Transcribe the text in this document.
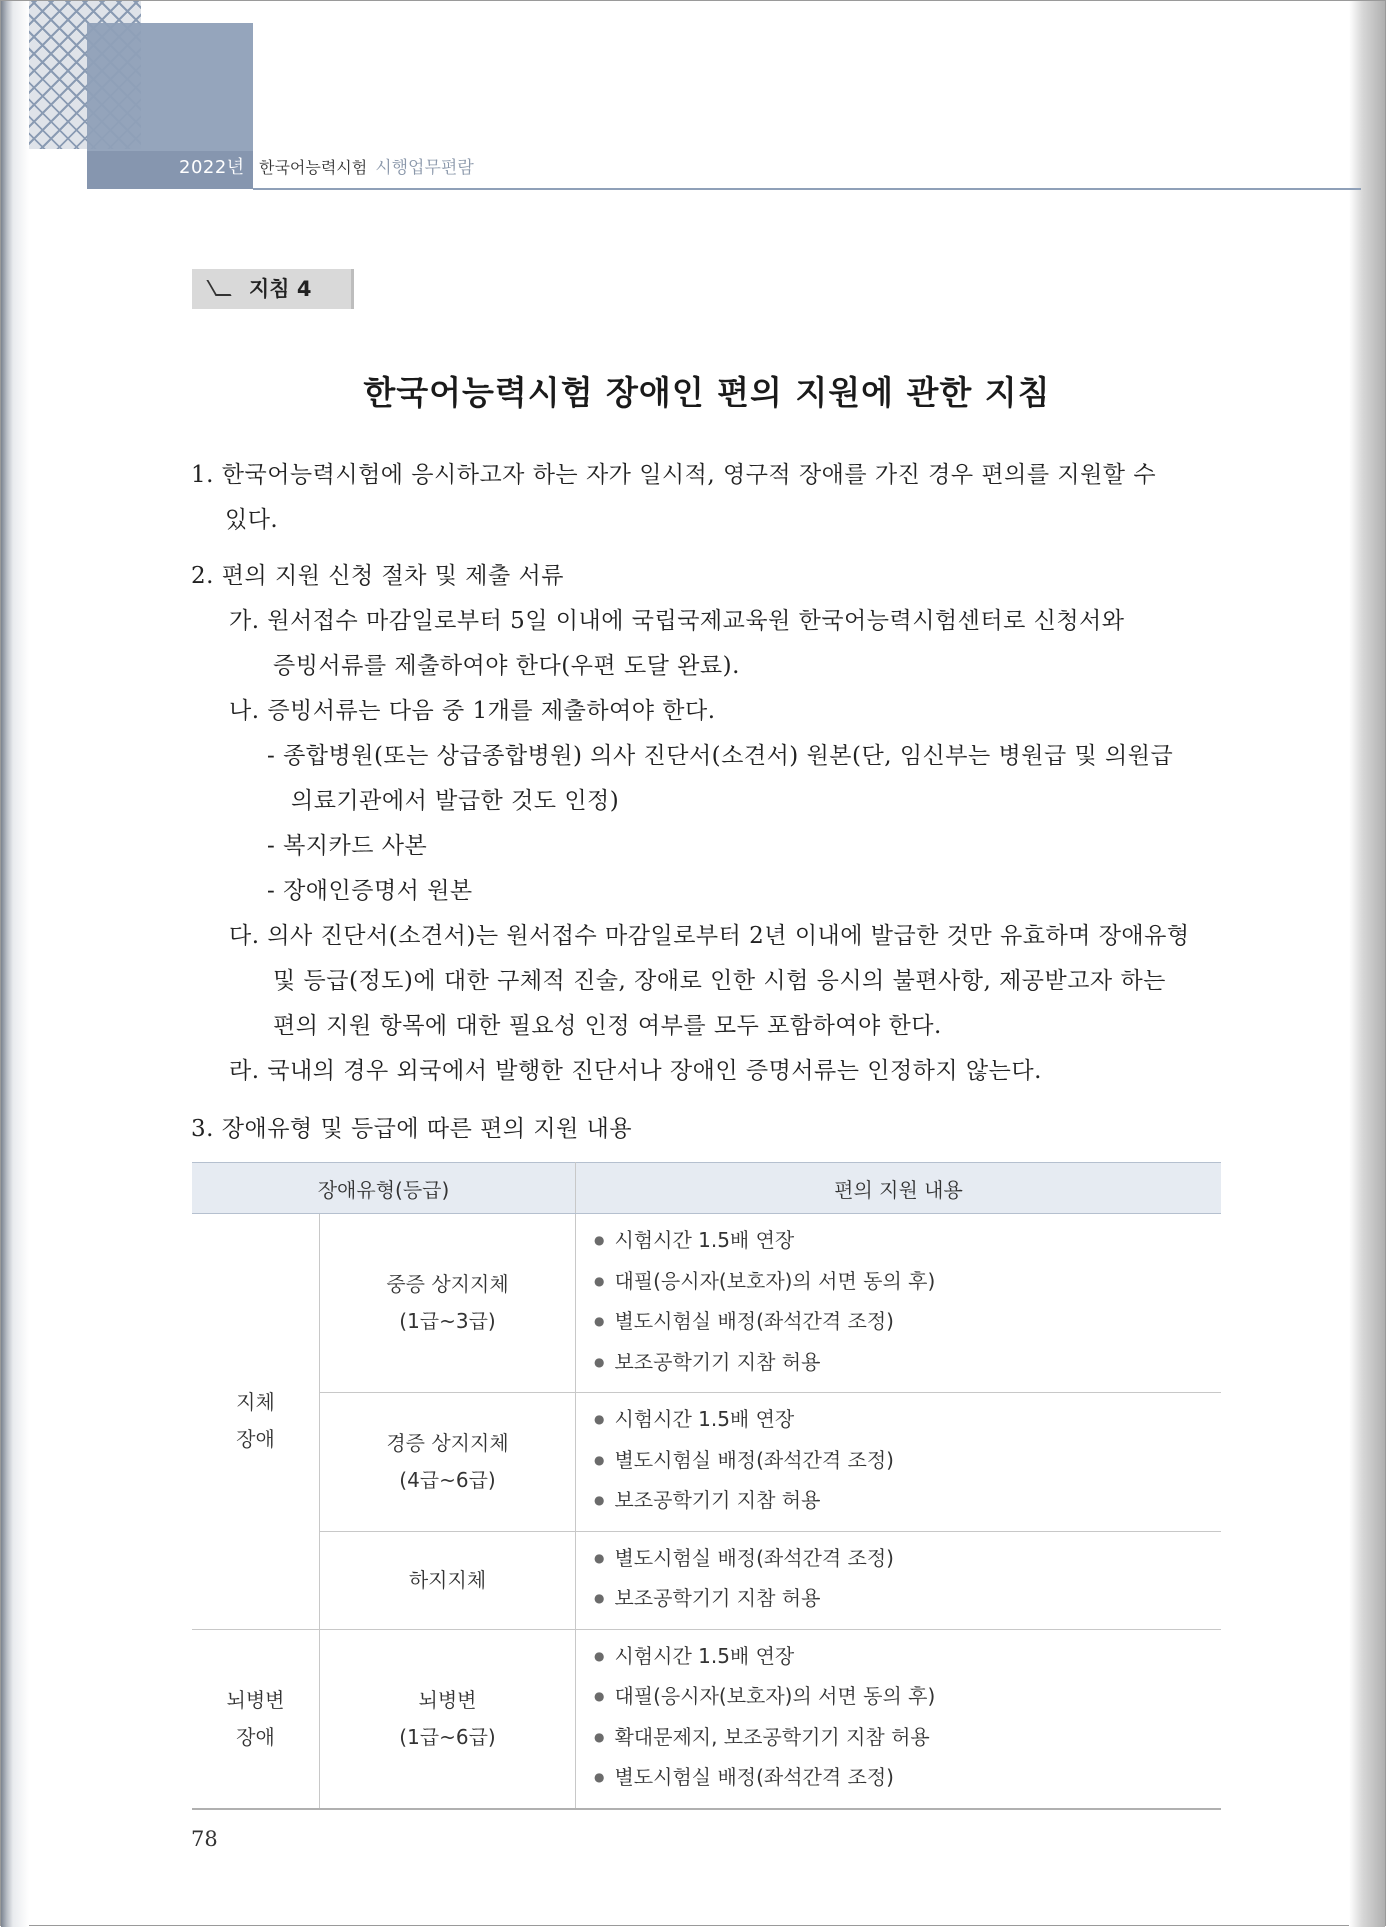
2022년 한국어능력시험 시행업무편람
지침 4
한국어능력시험 장애인 편의 지원에 관한 지침
1. 한국어능력시험에 응시하고자 하는 자가 일시적, 영구적 장애를 가진 경우 편의를 지원할 수
있다.
2. 편의 지원 신청 절차 및 제출 서류
가. 원서접수 마감일로부터 5일 이내에 국립국제교육원 한국어능력시험센터로 신청서와
증빙서류를 제출하여야 한다(우편 도달 완료).
나. 증빙서류는 다음 중 1개를 제출하여야 한다.
- 종합병원(또는 상급종합병원) 의사 진단서(소견서) 원본(단, 임신부는 병원급 및 의원급
의료기관에서 발급한 것도 인정)
- 복지카드 사본
- 장애인증명서 원본
다. 의사 진단서(소견서)는 원서접수 마감일로부터 2년 이내에 발급한 것만 유효하며 장애유형
및 등급(정도)에 대한 구체적 진술, 장애로 인한 시험 응시의 불편사항, 제공받고자 하는
편의 지원 항목에 대한 필요성 인정 여부를 모두 포함하여야 한다.
라. 국내의 경우 외국에서 발행한 진단서나 장애인 증명서류는 인정하지 않는다.
3. 장애유형 및 등급에 따른 편의 지원 내용
장애유형(등급)		편의 지원 내용
지체
장애	중증 상지지체
(1급~3급)	● 시험시간 1.5배 연장
● 대필(응시자(보호자)의 서면 동의 후)
● 별도시험실 배정(좌석간격 조정)
● 보조공학기기 지참 허용

	경증 상지지체
(4급~6급)	● 시험시간 1.5배 연장
● 별도시험실 배정(좌석간격 조정)
● 보조공학기기 지참 허용

	하지지체	● 별도시험실 배정(좌석간격 조정)
● 보조공학기기 지참 허용

뇌병변
장애	뇌병변
(1급~6급)	● 시험시간 1.5배 연장
● 대필(응시자(보호자)의 서면 동의 후)
● 확대문제지, 보조공학기기 지참 허용
● 별도시험실 배정(좌석간격 조정)
78
